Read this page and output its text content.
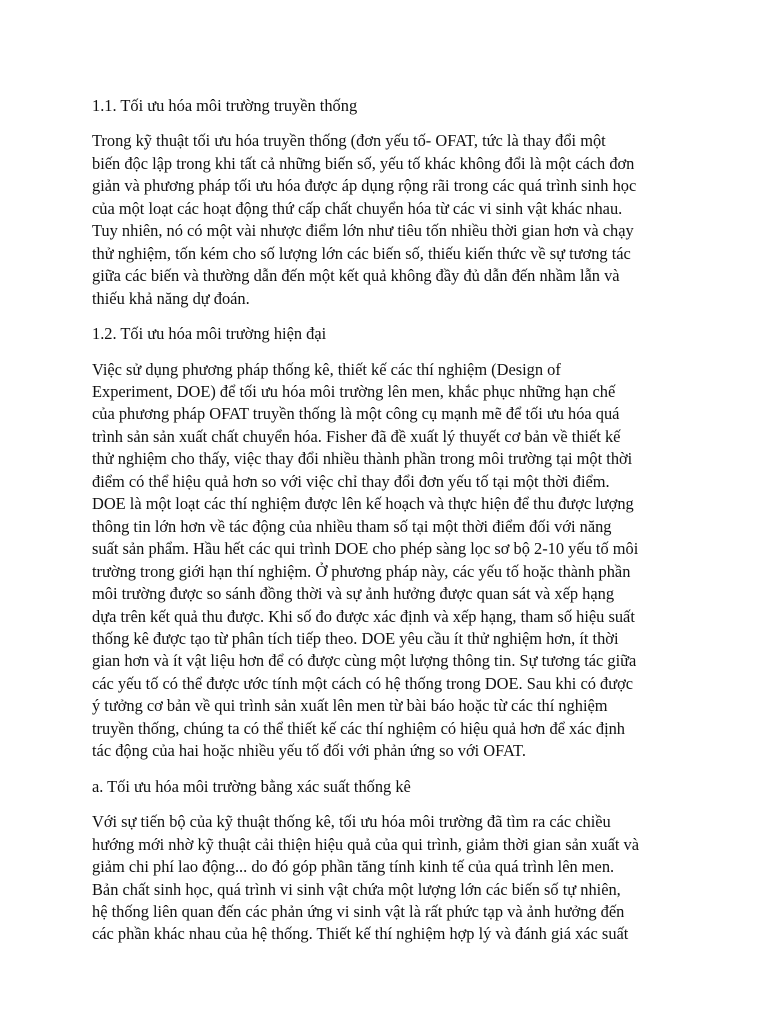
1.1. Tối ưu hóa môi trường truyền thống

Trong kỹ thuật tối ưu hóa truyền thống (đơn yếu tố- OFAT, tức là thay đổi một
biến độc lập trong khi tất cả những biến số, yếu tố khác không đổi là một cách đơn
giản và phương pháp tối ưu hóa được áp dụng rộng rãi trong các quá trình sinh học
của một loạt các hoạt động thứ cấp chất chuyển hóa từ các vi sinh vật khác nhau.
Tuy nhiên, nó có một vài nhược điểm lớn như tiêu tốn nhiều thời gian hơn và chạy
thử nghiệm, tốn kém cho số lượng lớn các biến số, thiếu kiến thức về sự tương tác
giữa các biến và thường dẫn đến một kết quả không đầy đủ dẫn đến nhầm lẫn và
thiếu khả năng dự đoán.

1.2. Tối ưu hóa môi trường hiện đại

Việc sử dụng phương pháp thống kê, thiết kế các thí nghiệm (Design of
Experiment, DOE) để tối ưu hóa môi trường lên men, khắc phục những hạn chế
của phương pháp OFAT truyền thống là một công cụ mạnh mẽ để tối ưu hóa quá
trình sản sản xuất chất chuyển hóa. Fisher đã đề xuất lý thuyết cơ bản về thiết kế
thử nghiệm cho thấy, việc thay đổi nhiều thành phần trong môi trường tại một thời
điểm có thể hiệu quả hơn so với việc chỉ thay đổi đơn yếu tố tại một thời điểm.
DOE là một loạt các thí nghiệm được lên kế hoạch và thực hiện để thu được lượng
thông tin lớn hơn về tác động của nhiều tham số tại một thời điểm đối với năng
suất sản phẩm. Hầu hết các qui trình DOE cho phép sàng lọc sơ bộ 2-10 yếu tố môi
trường trong giới hạn thí nghiệm. Ở phương pháp này, các yếu tố hoặc thành phần
môi trường được so sánh đồng thời và sự ảnh hưởng được quan sát và xếp hạng
dựa trên kết quả thu được. Khi số đo được xác định và xếp hạng, tham số hiệu suất
thống kê được tạo từ phân tích tiếp theo. DOE yêu cầu ít thử nghiệm hơn, ít thời
gian hơn và ít vật liệu hơn để có được cùng một lượng thông tin. Sự tương tác giữa
các yếu tố có thể được ước tính một cách có hệ thống trong DOE. Sau khi có được
ý tưởng cơ bản về qui trình sản xuất lên men từ bài báo hoặc từ các thí nghiệm
truyền thống, chúng ta có thể thiết kế các thí nghiệm có hiệu quả hơn để xác định
tác động của hai hoặc nhiều yếu tố đối với phản ứng so với OFAT.

a. Tối ưu hóa môi trường bằng xác suất thống kê

Với sự tiến bộ của kỹ thuật thống kê, tối ưu hóa môi trường đã tìm ra các chiều
hướng mới nhờ kỹ thuật cải thiện hiệu quả của qui trình, giảm thời gian sản xuất và
giảm chi phí lao động... do đó góp phần tăng tính kinh tế của quá trình lên men.
Bản chất sinh học, quá trình vi sinh vật chứa một lượng lớn các biến số tự nhiên,
hệ thống liên quan đến các phản ứng vi sinh vật là rất phức tạp và ảnh hưởng đến
các phần khác nhau của hệ thống. Thiết kế thí nghiệm hợp lý và đánh giá xác suất
